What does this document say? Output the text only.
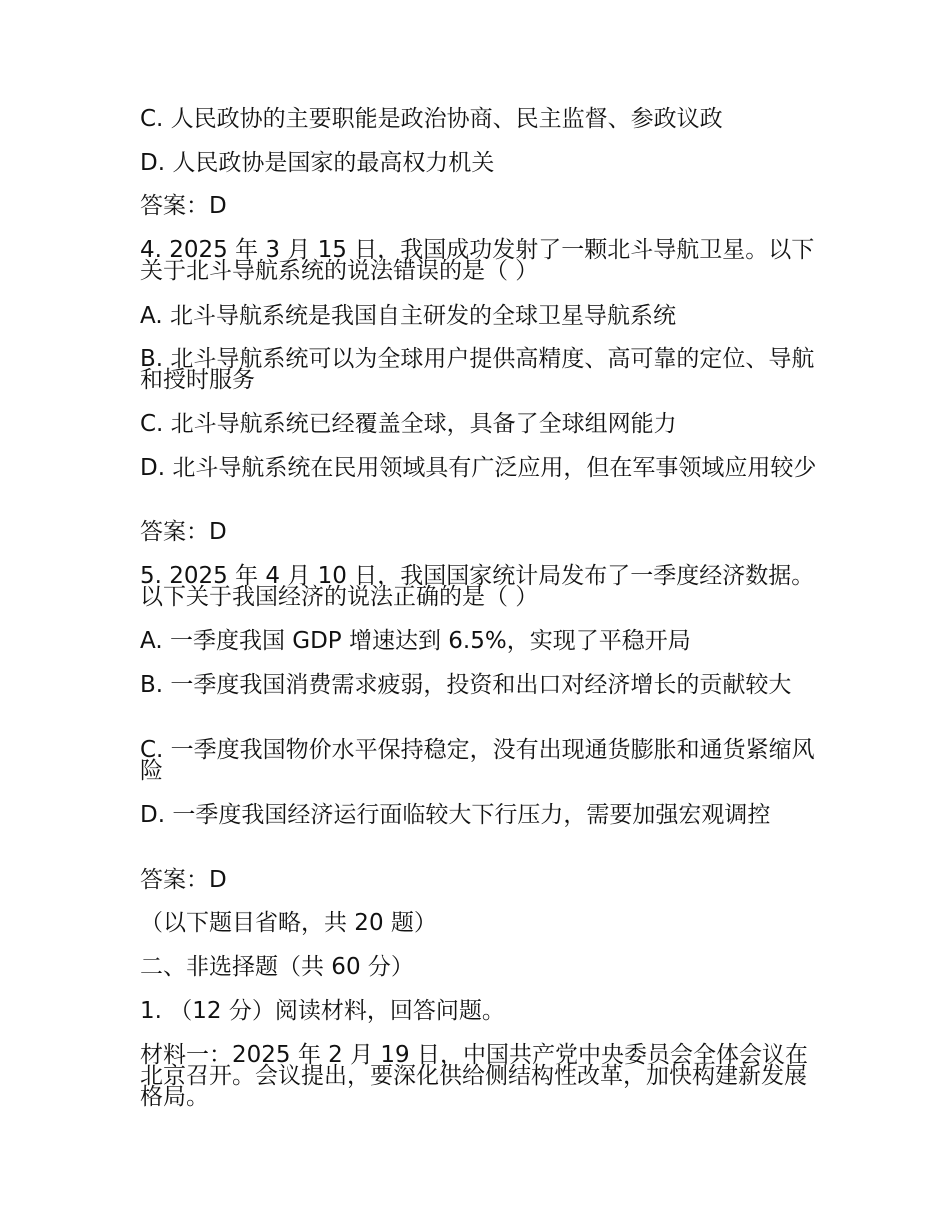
C. 人民政协的主要职能是政治协商、民主监督、参政议政
D. 人民政协是国家的最高权力机关
答案：D
4. 2025 年 3 月 15 日，我国成功发射了一颗北斗导航卫星。以下关于北斗导航系统的说法错误的是（ ）
A. 北斗导航系统是我国自主研发的全球卫星导航系统
B. 北斗导航系统可以为全球用户提供高精度、高可靠的定位、导航和授时服务
C. 北斗导航系统已经覆盖全球，具备了全球组网能力
D. 北斗导航系统在民用领域具有广泛应用，但在军事领域应用较少
答案：D
5. 2025 年 4 月 10 日，我国国家统计局发布了一季度经济数据。以下关于我国经济的说法正确的是（ ）
A. 一季度我国 GDP 增速达到 6.5%，实现了平稳开局
B. 一季度我国消费需求疲弱，投资和出口对经济增长的贡献较大
C. 一季度我国物价水平保持稳定，没有出现通货膨胀和通货紧缩风险
D. 一季度我国经济运行面临较大下行压力，需要加强宏观调控
答案：D
（以下题目省略，共 20 题）
二、非选择题（共 60 分）
1. （12 分）阅读材料，回答问题。
材料一：2025 年 2 月 19 日，中国共产党中央委员会全体会议在北京召开。会议提出，要深化供给侧结构性改革，加快构建新发展格局。
